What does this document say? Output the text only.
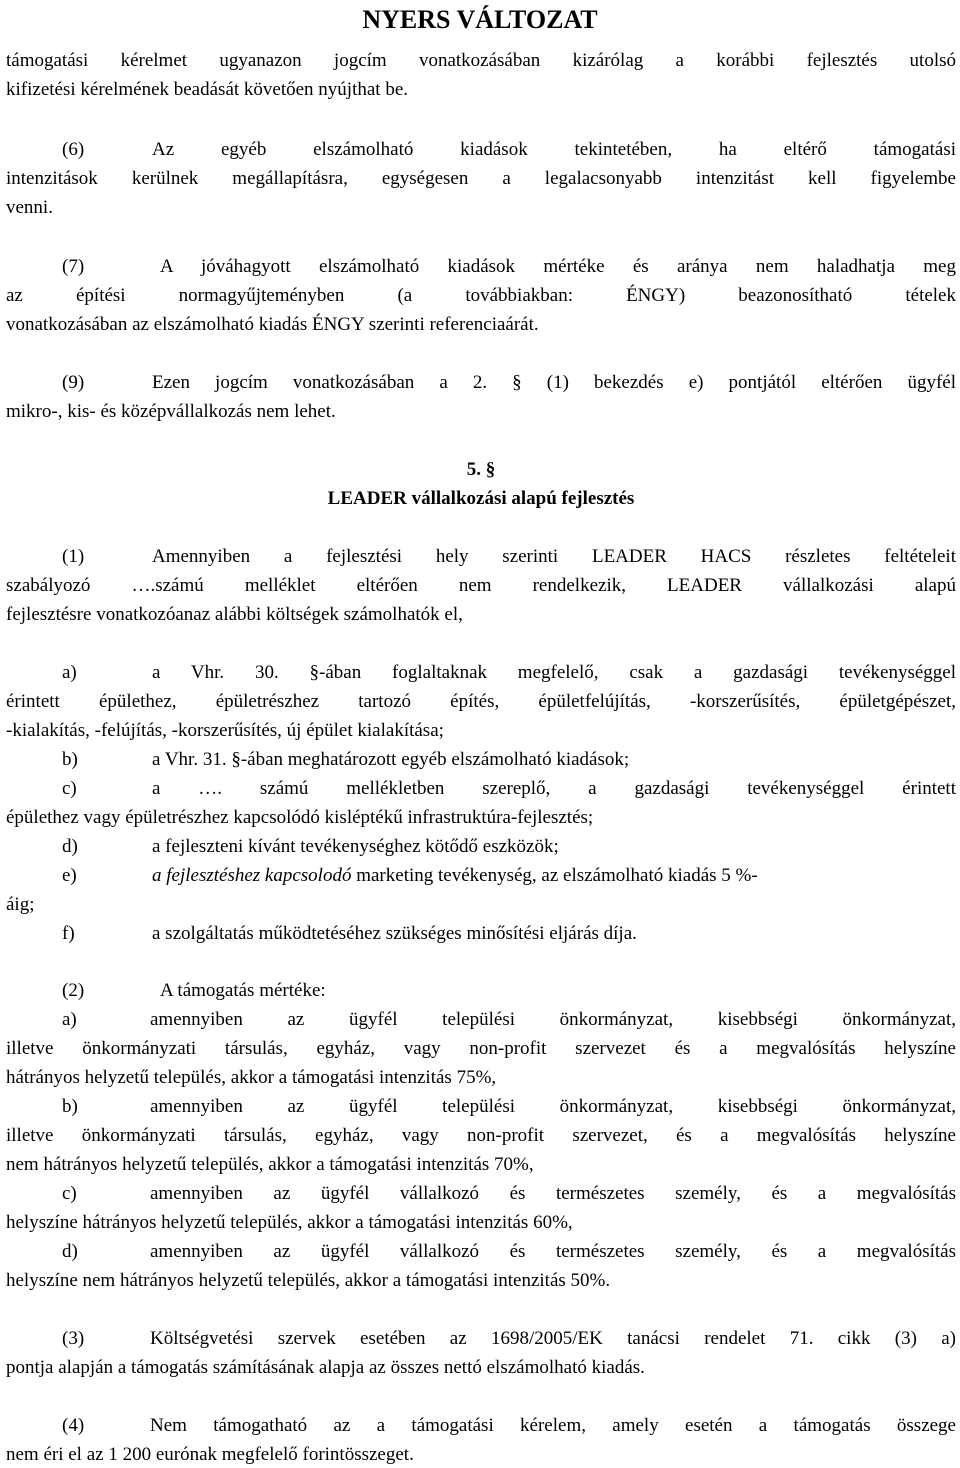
NYERS VÁLTOZAT
támogatási kérelmet ugyanazon jogcím vonatkozásában kizárólag a korábbi fejlesztés utolsó
kifizetési kérelmének beadását követően nyújthat be.
(6)	Az egyéb elszámolható kiadások tekintetében, ha eltérő támogatási
intenzitások kerülnek megállapításra, egységesen a legalacsonyabb intenzitást kell figyelembe
venni.
(7)	A jóváhagyott elszámolható kiadások mértéke és aránya nem haladhatja meg
az építési normagyűjteményben (a továbbiakban: ÉNGY) beazonosítható tételek
vonatkozásában az elszámolható kiadás ÉNGY szerinti referenciaárát.
(9)	Ezen jogcím vonatkozásában a 2. § (1) bekezdés e) pontjától eltérően ügyfél
mikro-, kis- és középvállalkozás nem lehet.
5. §
LEADER vállalkozási alapú fejlesztés
(1)	Amennyiben a fejlesztési hely szerinti LEADER HACS részletes feltételeit
szabályozó ….számú melléklet eltérően nem rendelkezik, LEADER vállalkozási alapú
fejlesztésre vonatkozóanaz alábbi költségek számolhatók el,
a)	a Vhr. 30. §-ában foglaltaknak megfelelő, csak a gazdasági tevékenységgel
érintett épülethez, épületrészhez tartozó építés, épületfelújítás, -korszerűsítés, épületgépészet,
-kialakítás, -felújítás, -korszerűsítés, új épület kialakítása;
b)	a Vhr. 31. §-ában meghatározott egyéb elszámolható kiadások;
c)	a …. számú mellékletben szereplő, a gazdasági tevékenységgel érintett
épülethez vagy épületrészhez kapcsolódó kisléptékű infrastruktúra-fejlesztés;
d)	a fejleszteni kívánt tevékenységhez kötődő eszközök;
e)	a fejlesztéshez kapcsolodó marketing tevékenység, az elszámolható kiadás 5 %-
áig;
f)	a szolgáltatás működtetéséhez szükséges minősítési eljárás díja.
(2)	A támogatás mértéke:
a)	amennyiben az ügyfél települési önkormányzat, kisebbségi önkormányzat,
illetve önkormányzati társulás, egyház, vagy non-profit szervezet és a megvalósítás helyszíne
hátrányos helyzetű település, akkor a támogatási intenzitás 75%,
b)	amennyiben az ügyfél települési önkormányzat, kisebbségi önkormányzat,
illetve önkormányzati társulás, egyház, vagy non-profit szervezet, és a megvalósítás helyszíne
nem hátrányos helyzetű település, akkor a támogatási intenzitás 70%,
c)	amennyiben az ügyfél vállalkozó és természetes személy, és a megvalósítás
helyszíne hátrányos helyzetű település, akkor a támogatási intenzitás 60%,
d)	amennyiben az ügyfél vállalkozó és természetes személy, és a megvalósítás
helyszíne nem hátrányos helyzetű település, akkor a támogatási intenzitás 50%.
(3)	Költségvetési szervek esetében az 1698/2005/EK tanácsi rendelet 71. cikk (3) a)
pontja alapján a támogatás számításának alapja az összes nettó elszámolható kiadás.
(4)	Nem támogatható az a támogatási kérelem, amely esetén a támogatás összege
nem éri el az 1 200 eurónak megfelelő forintösszeget.
